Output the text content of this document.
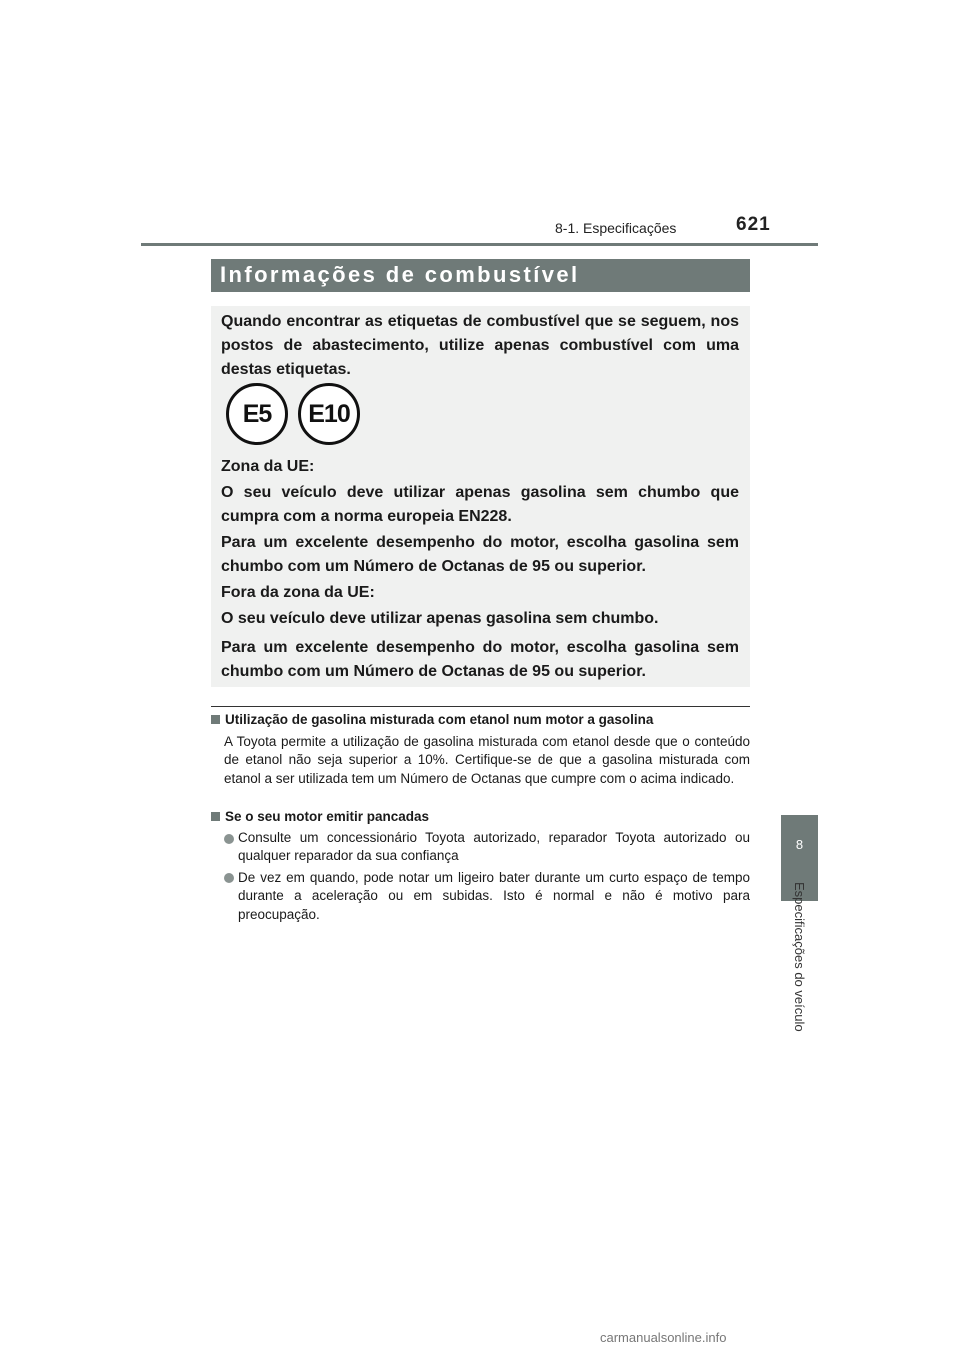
8-1. Especificações	621
8
Especificações do veículo
Informações de combustível
Quando encontrar as etiquetas de combustível que se seguem, nos postos de abastecimento, utilize apenas combustível com uma destas etiquetas.
E5 E10
Zona da UE:
O seu veículo deve utilizar apenas gasolina sem chumbo que cumpra com a norma europeia EN228.
Para um excelente desempenho do motor, escolha gasolina sem chumbo com um Número de Octanas de 95 ou superior.
Fora da zona da UE:
O seu veículo deve utilizar apenas gasolina sem chumbo.
Para um excelente desempenho do motor, escolha gasolina sem chumbo com um Número de Octanas de 95 ou superior.
Utilização de gasolina misturada com etanol num motor a gasolina
A Toyota permite a utilização de gasolina misturada com etanol desde que o conteúdo de etanol não seja superior a 10%. Certifique-se de que a gasolina misturada com etanol a ser utilizada tem um Número de Octanas que cumpre com o acima indicado.
Se o seu motor emitir pancadas
Consulte um concessionário Toyota autorizado, reparador Toyota autorizado ou qualquer reparador da sua confiança
De vez em quando, pode notar um ligeiro bater durante um curto espaço de tempo durante a aceleração ou em subidas. Isto é normal e não é motivo para preocupação.
carmanualsonline.info
